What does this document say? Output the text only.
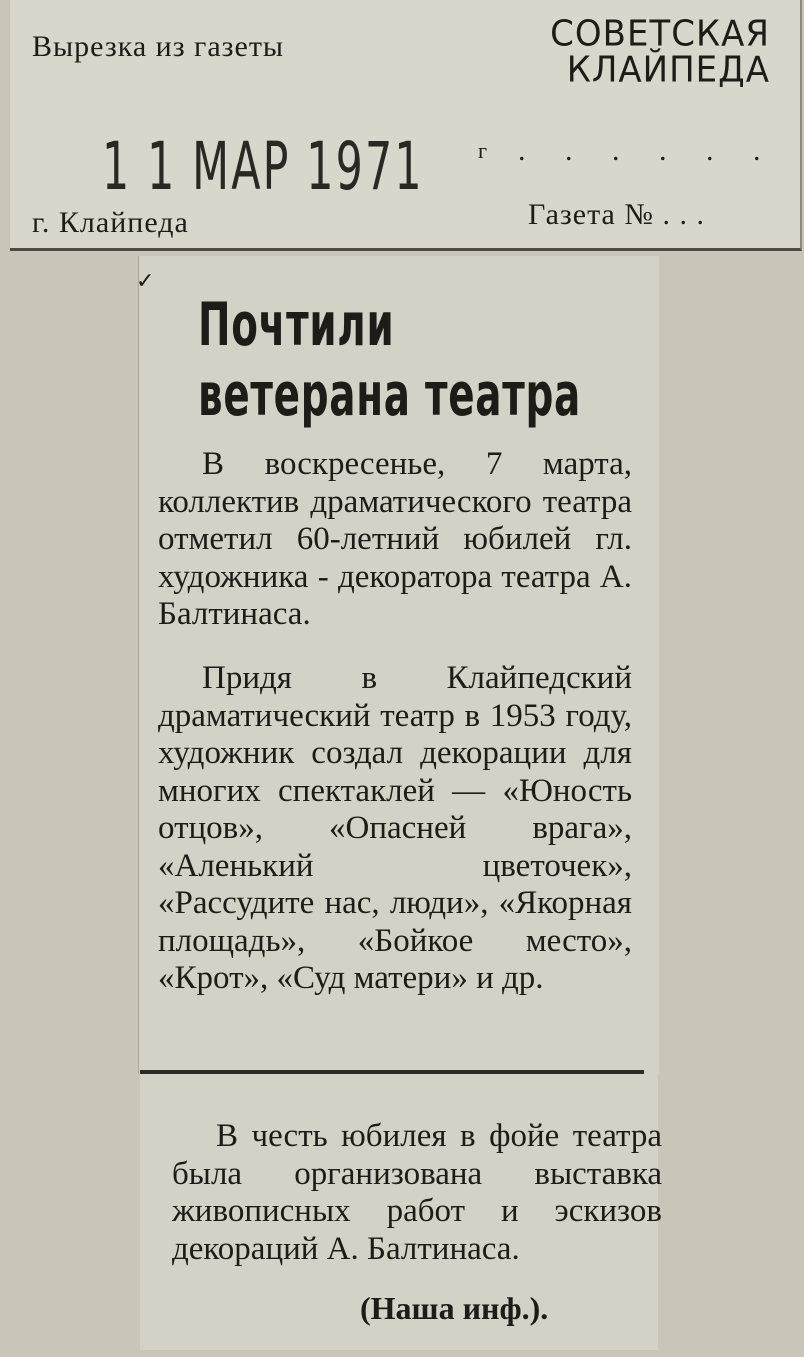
Вырезка из газеты	СОВЕТСКАЯ
КЛАЙПЕДА
1 1 МАР 1971 г . . . . . .
г. Клайпеда	Газета № . . .
✓
Почтили
ветерана театра

В воскресенье, 7 марта, коллектив драматического театра отметил 60-летний юбилей гл. художника - декоратора театра А. Балтинаса.

Придя в Клайпедский драматический театр в 1953 году, художник создал декорации для многих спектаклей — «Юность отцов», «Опасней врага», «Аленький цветочек», «Рассудите нас, люди», «Якорная площадь», «Бойкое место», «Крот», «Суд матери» и др.

В честь юбилея в фойе театра была организована выставка живописных работ и эскизов декораций А. Балтинаса.

(Наша инф.).
